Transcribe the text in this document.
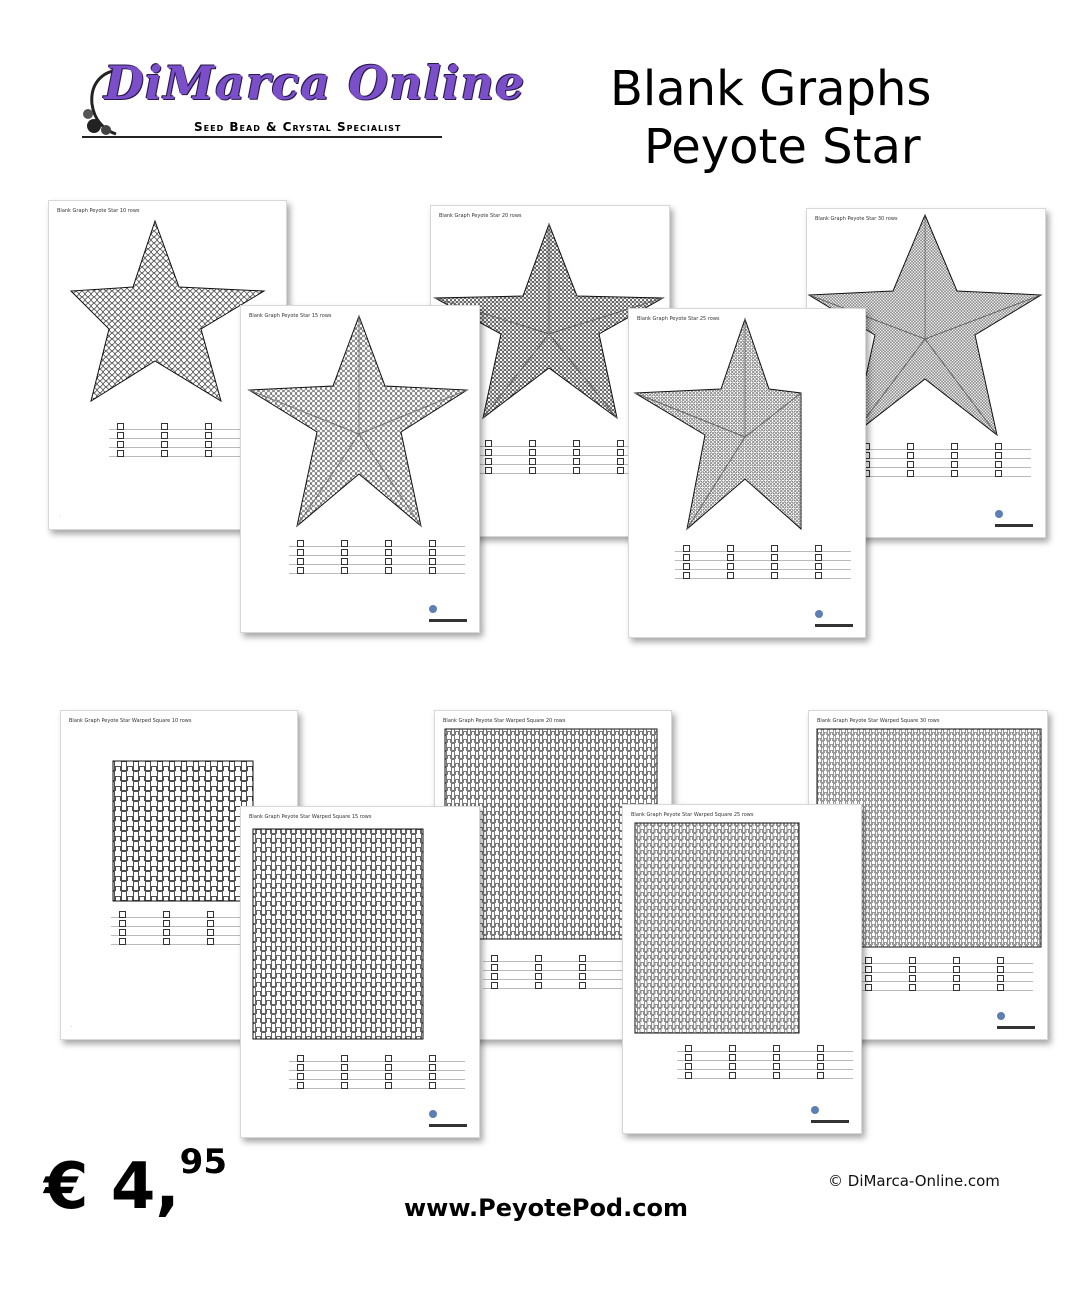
DiMarca Online
Seed Bead & Crystal Specialist
Blank Graphs
Peyote Star
Blank Graph Peyote Star 10 rows
·
Blank Graph Peyote Star 20 rows	Blank Graph Peyote Star 30 rows
Blank Graph Peyote Star 15 rows	Blank Graph Peyote Star 25 rows
Blank Graph Peyote Star Warped Square 10 rows
·
Blank Graph Peyote Star Warped Square 20 rows	Blank Graph Peyote Star Warped Square 30 rows
Blank Graph Peyote Star Warped Square 15 rows	Blank Graph Peyote Star Warped Square 25 rows
€ 4,95
www.PeyotePod.com
© DiMarca-Online.com
